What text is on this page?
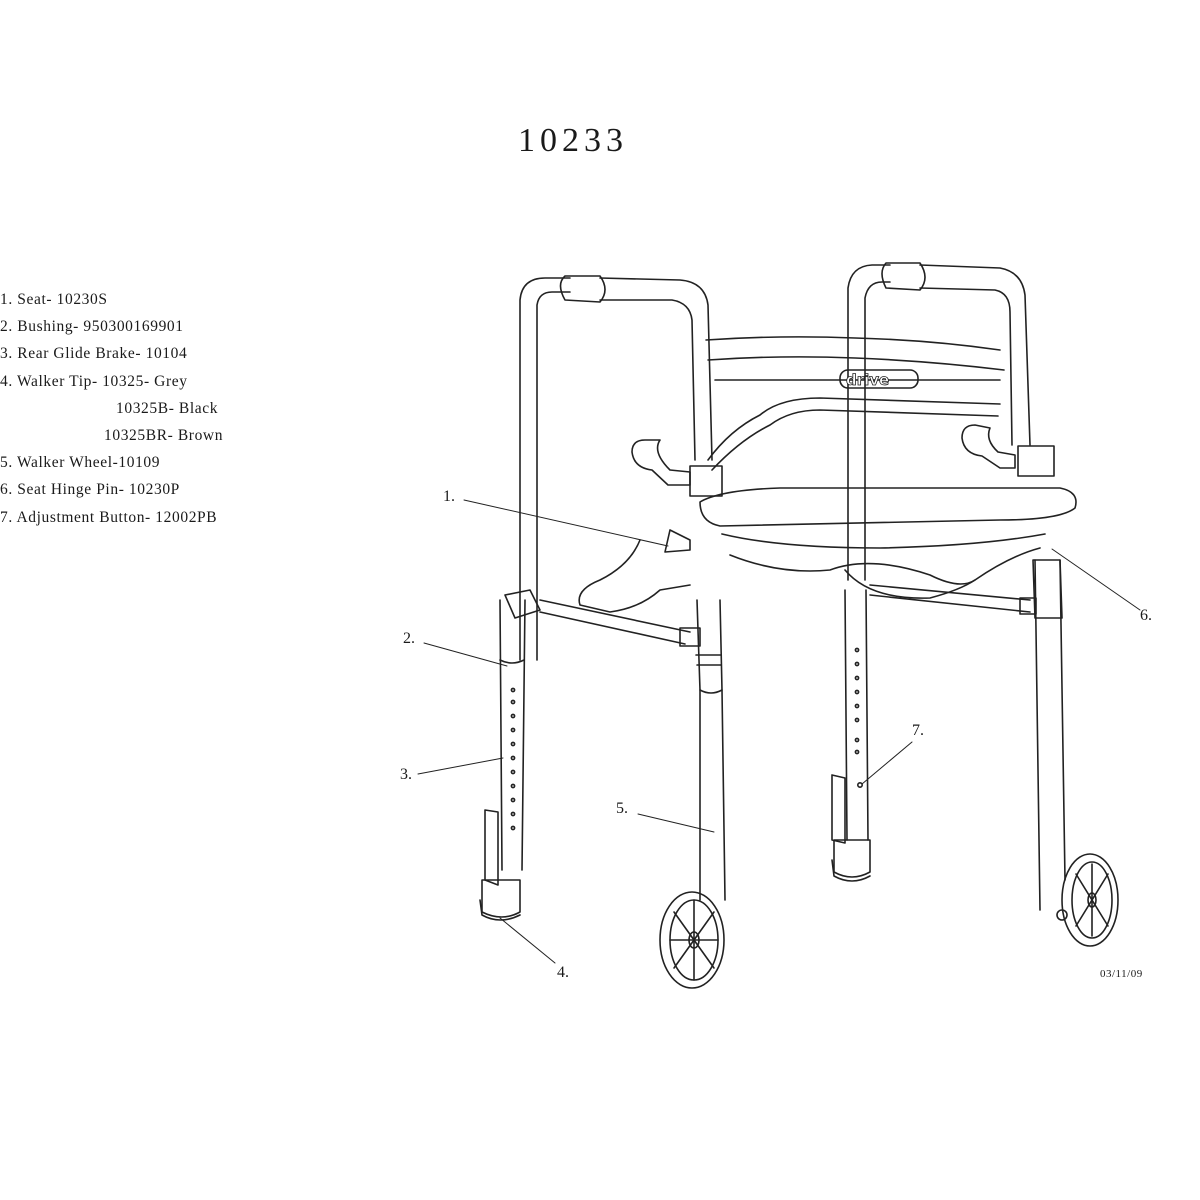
10233
1. Seat- 10230S
2. Bushing- 950300169901
3. Rear Glide Brake- 10104
4. Walker Tip- 10325- Grey
10325B- Black
10325BR- Brown
5. Walker Wheel-10109
6. Seat Hinge Pin- 10230P
7. Adjustment Button- 12002PB
drive
1.
2.
3.
4.
5.
6.
7.
03/11/09
